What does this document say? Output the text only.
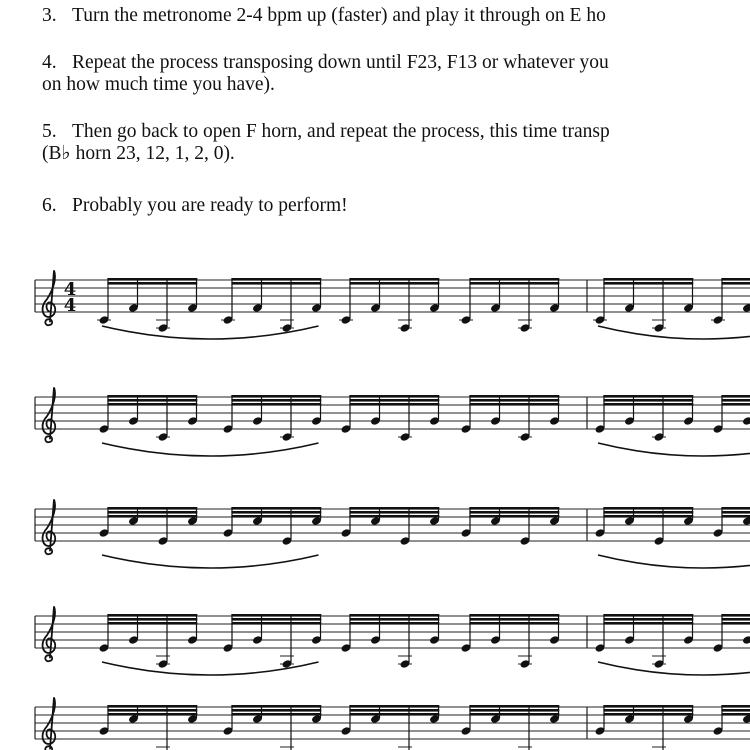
3. Turn the metronome 2-4 bpm up (faster) and play it through on E ho

4. Repeat the process transposing down until F23, F13 or whatever you
on how much time you have).

5. Then go back to open F horn, and repeat the process, this time transp
(B♭ horn 23, 12, 1, 2, 0).

6. Probably you are ready to perform!

4
4
